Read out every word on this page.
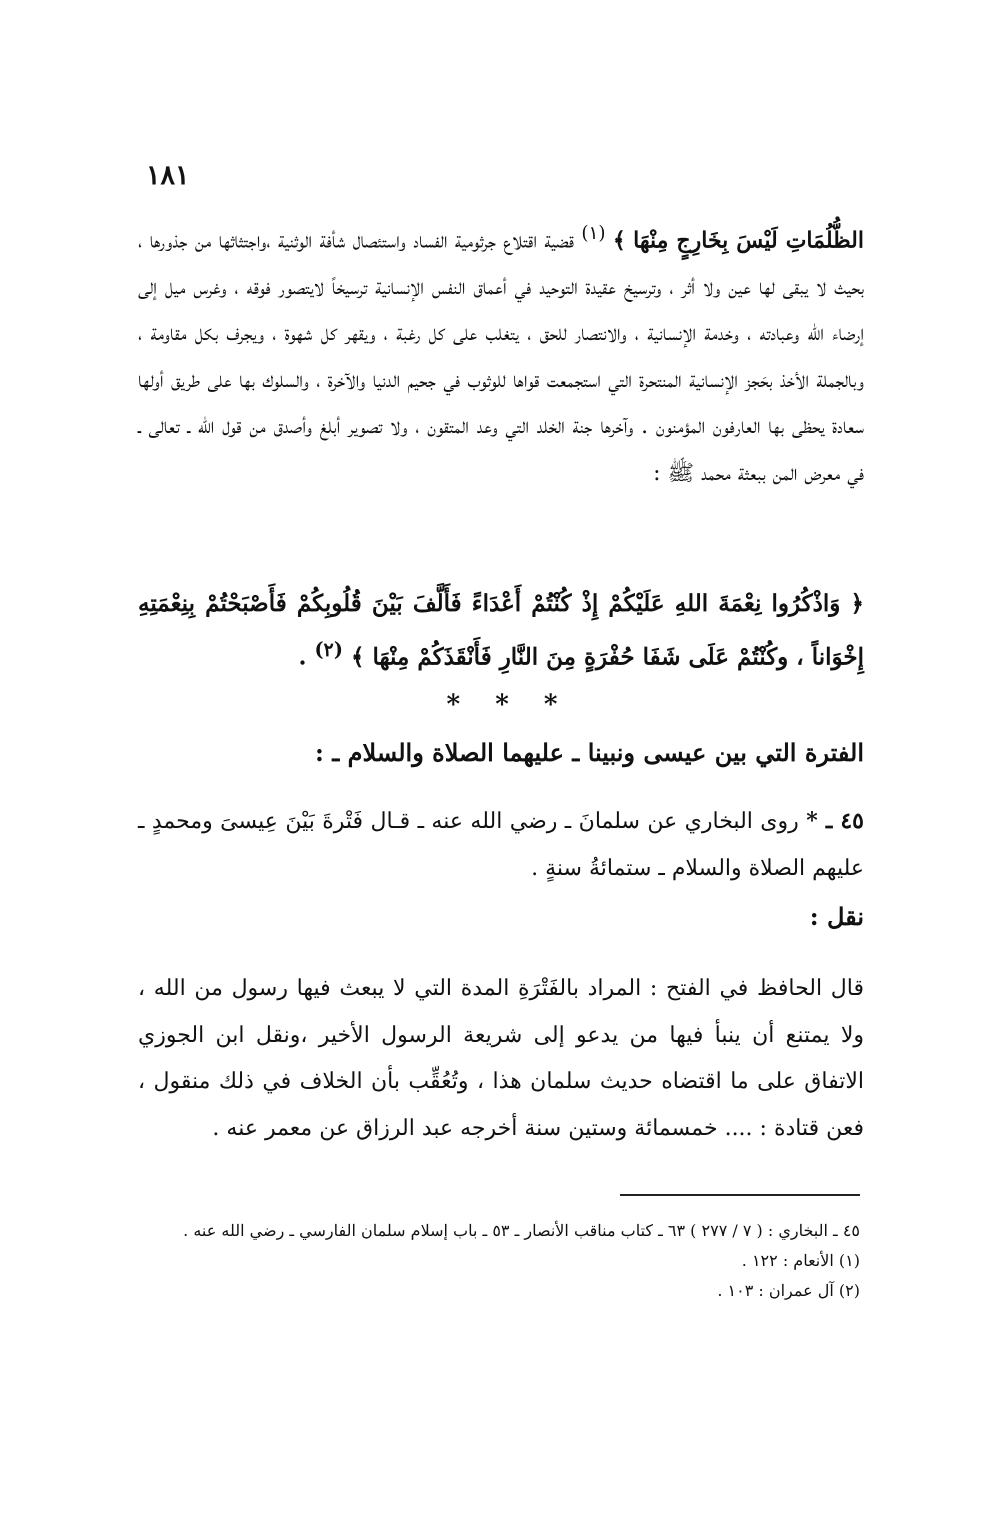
١٨١
الظُّلُمَاتِ لَيْسَ بِخَارِجٍ مِنْهَا ﴾ $^{(١)}$ قضية اقتلاع جرثومية الفساد واستئصال شأفة الوثنية ،واجتثاثها من جذورها ، بحيث لا يبقى لها عين ولا أثر ، وترسيخ عقيدة التوحيد في أعماق النفس الإنسانية ترسيخاً لايتصور فوقه ، وغرس ميل إلى إرضاء الله وعبادته ، وخدمة الإنسانية ، والانتصار للحق ، يتغلب على كل رغبة ، ويقهر كل شهوة ، ويجرف بكل مقاومة ، وبالجملة الأخذ بحَجز الإنسانية المنتحرة التي استجمعت قواها للوثوب في جحيم الدنيا والآخرة ، والسلوك بها على طريق أولها سعادة يحظى بها العارفون المؤمنون . وآخرها جنة الخلد التي وعد المتقون ، ولا تصوير أبلغ وأصدق من قول الله ـ تعالى ـ في معرض المن ببعثة محمد ﷺ :
﴿ وَاذْكُرُوا نِعْمَةَ اللهِ عَلَيْكُمْ إِذْ كُنْتُمْ أَعْدَاءً فَأَلَّفَ بَيْنَ قُلُوبِكُمْ فَأَصْبَحْتُمْ بِنِعْمَتِهِ إِخْوَاناً ، وكُنْتُمْ عَلَى شَفَا حُفْرَةٍ مِنَ النَّارِ فَأَنْقَذَكُمْ مِنْهَا ﴾ $^{(٢)}$ .
* * *
الفترة التي بين عيسى ونبينا ـ عليهما الصلاة والسلام ـ :
٤٥ ـ * روى البخاري عن سلمانَ ـ رضي الله عنه ـ قـال فَتْرةَ بَيْنَ عِيسىَ ومحمدٍ ـ عليهم الصلاة والسلام ـ ستمائةُ سنةٍ .
نقل :
قال الحافظ في الفتح : المراد بالفَتْرَةِ المدة التي لا يبعث فيها رسول من الله ، ولا يمتنع أن ينبأ فيها من يدعو إلى شريعة الرسول الأخير ،ونقل ابن الجوزي الاتفاق على ما اقتضاه حديث سلمان هذا ، وتُعُقِّب بأن الخلاف في ذلك منقول ، فعن قتادة : .... خمسمائة وستين سنة أخرجه عبد الرزاق عن معمر عنه .
٤٥ ـ البخاري : ( ٧ / ٢٧٧ ) ٦٣ ـ كتاب مناقب الأنصار ـ ٥٣ ـ باب إسلام سلمان الفارسي ـ رضي الله عنه .
(١) الأنعام : ١٢٢ .
(٢) آل عمران : ١٠٣ .
